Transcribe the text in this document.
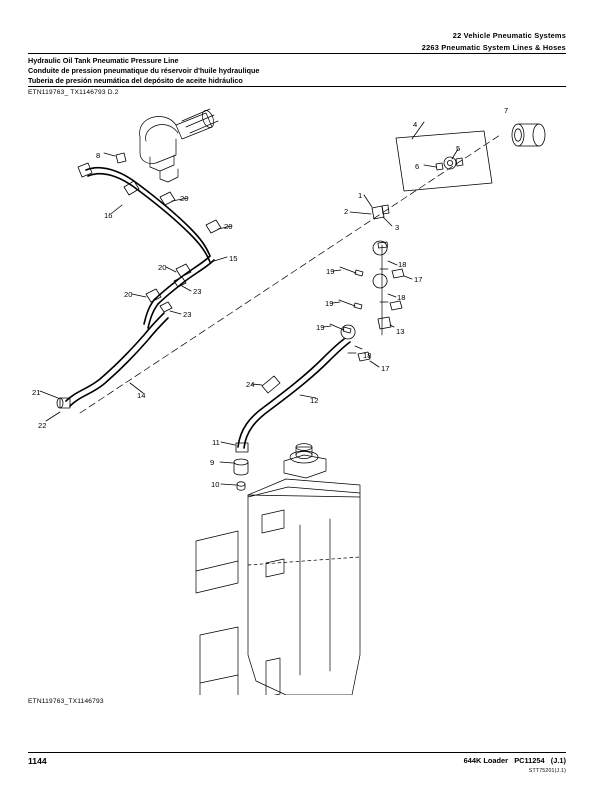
22 Vehicle Pneumatic Systems
2263 Pneumatic System Lines & Hoses
Hydraulic Oil Tank Pneumatic Pressure Line
Conduite de pression pneumatique du réservoir d'huile hydraulique
Tuberia de presión neumática del depósito de aceite hidráulico
ETN119763_ TX1146793 D.2
1
2
3
4
5
6
7
8
9
10
11
12
13
14
15
16
17
17
18
18
18
19
19
19
20
20
20
20
21
22
23
23
24
ETN119763_TX1146793
1144	644K Loader PC11254 (J.1)
STT75201(J.1)
